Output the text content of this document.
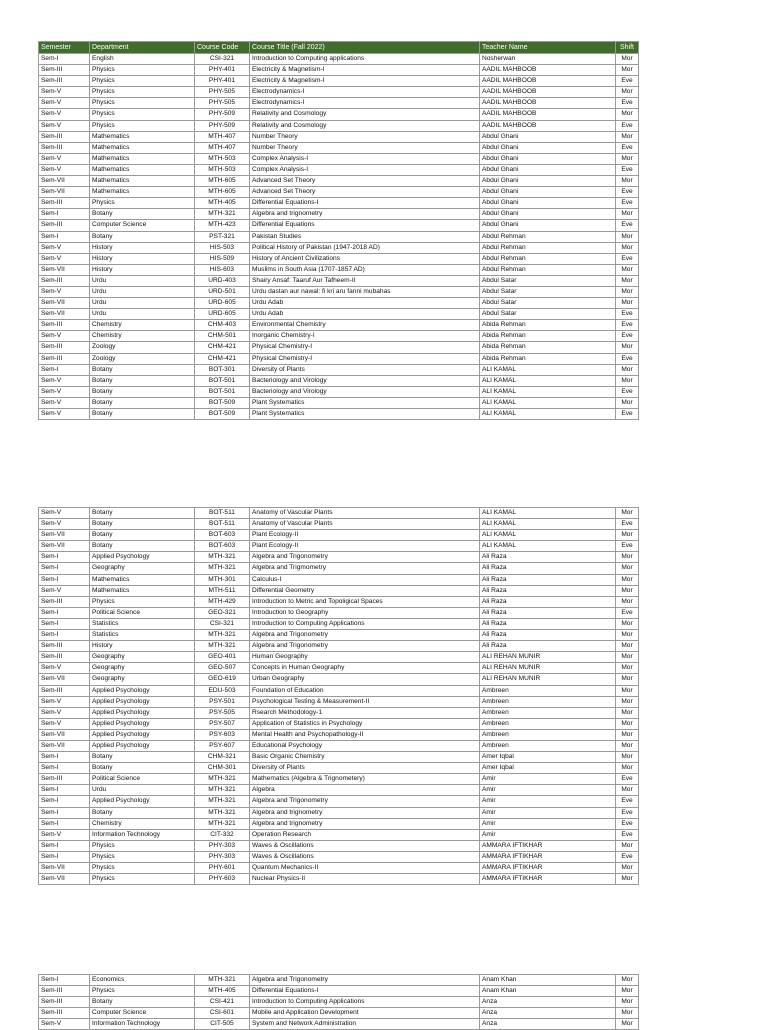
Semester	Department	Course Code	Course Title (Fall 2022)	Teacher Name	Shift
Sem-I	English	CSI-321	Introduction to Computing applications	Nosherwan	Mor
Sem-III	Physics	PHY-401	Electricity & Magnetism-I	AADIL MAHBOOB	Mor
Sem-III	Physics	PHY-401	Electricity & Magnetism-I	AADIL MAHBOOB	Eve
Sem-V	Physics	PHY-505	Electrodynamics-I	AADIL MAHBOOB	Mor
Sem-V	Physics	PHY-505	Electrodynamics-I	AADIL MAHBOOB	Eve
Sem-V	Physics	PHY-509	Relativity and Cosmology	AADIL MAHBOOB	Mor
Sem-V	Physics	PHY-509	Relativity and Cosmology	AADIL MAHBOOB	Eve
Sem-III	Mathematics	MTH-407	Number Theory	Abdul Ghani	Mor
Sem-III	Mathematics	MTH-407	Number Theory	Abdul Ghani	Eve
Sem-V	Mathematics	MTH-503	Complex Analysis-I	Abdul Ghani	Mor
Sem-V	Mathematics	MTH-503	Complex Analysis-I	Abdul Ghani	Eve
Sem-VII	Mathematics	MTH-605	Advanced Set Theory	Abdul Ghani	Mor
Sem-VII	Mathematics	MTH-605	Advanced Set Theory	Abdul Ghani	Eve
Sem-III	Physics	MTH-405	Differential Equations-I	Abdul Ghani	Eve
Sem-I	Botany	MTH-321	Algebra and trignometry	Abdul Ghani	Mor
Sem-III	Computer Science	MTH-423	Differential Equations	Abdul Ghani	Eve
Sem-I	Botany	PST-321	Pakistan Studies	Abdul Rehman	Mor
Sem-V	History	HIS-503	Political History of Pakistan (1947-2018 AD)	Abdul Rehman	Mor
Sem-V	History	HIS-509	History of Ancient Civilizations	Abdul Rehman	Eve
Sem-VII	History	HIS-603	Muslims in South Asia (1707-1857 AD)	Abdul Rehman	Mor
Sem-III	Urdu	URD-403	Shairy Ansaf: Taaruf Aur Tafheem-II	Abdul Satar	Mor
Sem-V	Urdu	URD-501	Urdu dastan aur nawal: fi kri aru fanni mubahas	Abdul Satar	Mor
Sem-VII	Urdu	URD-605	Urdu Adab	Abdul Satar	Mor
Sem-VII	Urdu	URD-605	Urdu Adab	Abdul Satar	Eve
Sem-III	Chemistry	CHM-403	Environmental Chemistry	Abida Rehman	Eve
Sem-V	Chemistry	CHM-501	Inorganic Chemistry-I	Abida Rehman	Eve
Sem-III	Zoology	CHM-421	Physical Chemistry-I	Abida Rehman	Mor
Sem-III	Zoology	CHM-421	Physical Chemistry-I	Abida Rehman	Eve
Sem-I	Botany	BOT-301	Diversity of Plants	ALI KAMAL	Mor
Sem-V	Botany	BOT-501	Bacteriology and Virology	ALI KAMAL	Mor
Sem-V	Botany	BOT-501	Bacteriology and Virology	ALI KAMAL	Eve
Sem-V	Botany	BOT-509	Plant Systematics	ALI KAMAL	Mor
Sem-V	Botany	BOT-509	Plant Systematics	ALI KAMAL	Eve
Sem-V	Botany	BOT-511	Anatomy of Vascular Plants	ALI KAMAL	Mor
Sem-V	Botany	BOT-511	Anatomy of Vascular Plants	ALI KAMAL	Eve
Sem-VII	Botany	BOT-603	Plant Ecology-II	ALI KAMAL	Mor
Sem-VII	Botany	BOT-603	Plant Ecology-II	ALI KAMAL	Eve
Sem-I	Applied Psychology	MTH-321	Algebra and Trigonometry	Ali Raza	Mor
Sem-I	Geography	MTH-321	Algebra and Trigmometry	Ali Raza	Mor
Sem-I	Mathematics	MTH-301	Calculus-I	Ali Raza	Mor
Sem-V	Mathematics	MTH-511	Differential Geometry	Ali Raza	Mor
Sem-III	Physics	MTH-429	Introduction to Metric and Topoligical Spaces	Ali Raza	Mor
Sem-I	Political Science	GEO-321	Introduction to Geography	Ali Raza	Eve
Sem-I	Statistics	CSI-321	Introduction to Computing Applications	Ali Raza	Mor
Sem-I	Statistics	MTH-321	Algebra and Trigonometry	Ali Raza	Mor
Sem-III	History	MTH-321	Algebra and Trigonometry	Ali Raza	Mor
Sem-III	Geography	GEO-401	Human Geography	ALI REHAN MUNIR	Mor
Sem-V	Geography	GEO-507	Concepts in Human Geography	ALI REHAN MUNIR	Mor
Sem-VII	Geography	GEO-619	Urban Geography	ALI REHAN MUNIR	Mor
Sem-III	Applied Psychology	EDU-503	Foundation of Education	Ambreen	Mor
Sem-V	Applied Psychology	PSY-501	Psychological Testing & Measurement-II	Ambreen	Mor
Sem-V	Applied Psychology	PSY-505	Rsearch Methodology-1	Ambreen	Mor
Sem-V	Applied Psychology	PSY-507	Application of Statistics in Psychology	Ambreen	Mor
Sem-VII	Applied Psychology	PSY-603	Mental Health and Psychopathology-II	Ambreen	Mor
Sem-VII	Applied Psychology	PSY-607	Educational Psychology	Ambreen	Mor
Sem-I	Botany	CHM-321	Basic Organic Chemistry	Amer Iqbal	Mor
Sem-I	Botany	CHM-301	Diversity of Plants	Amer Iqbal	Mor
Sem-III	Political Science	MTH-321	Mathematics (Algebra & Trignometery)	Amir	Eve
Sem-I	Urdu	MTH-321	Algebra	Amir	Mor
Sem-I	Applied Psychology	MTH-321	Algebra and Trigonometry	Amir	Eve
Sem-I	Botany	MTH-321	Algebra and trignometry	Amir	Eve
Sem-I	Chemistry	MTH-321	Algebra and trignometry	Amir	Eve
Sem-V	Information Technology	CIT-332	Operation Research	Amir	Eve
Sem-I	Physics	PHY-303	Waves & Oscillations	AMMARA IFTIKHAR	Mor
Sem-I	Physics	PHY-303	Waves & Oscillations	AMMARA IFTIKHAR	Eve
Sem-VII	Physics	PHY-601	Quantum Mechanics-II	AMMARA IFTIKHAR	Mor
Sem-VII	Physics	PHY-603	Nuclear Physics-II	AMMARA IFTIKHAR	Mor
Sem-I	Economics	MTH-321	Algebra and Trigonometry	Anam Khan	Mor
Sem-III	Physics	MTH-405	Differential Equations-I	Anam Khan	Mor
Sem-III	Botany	CSI-421	Introduction to Computing Applications	Anza	Mor
Sem-III	Computer Science	CSI-601	Mobile and Application Development	Anza	Mor
Sem-V	Information Technology	CIT-505	System and Network Administration	Anza	Mor
